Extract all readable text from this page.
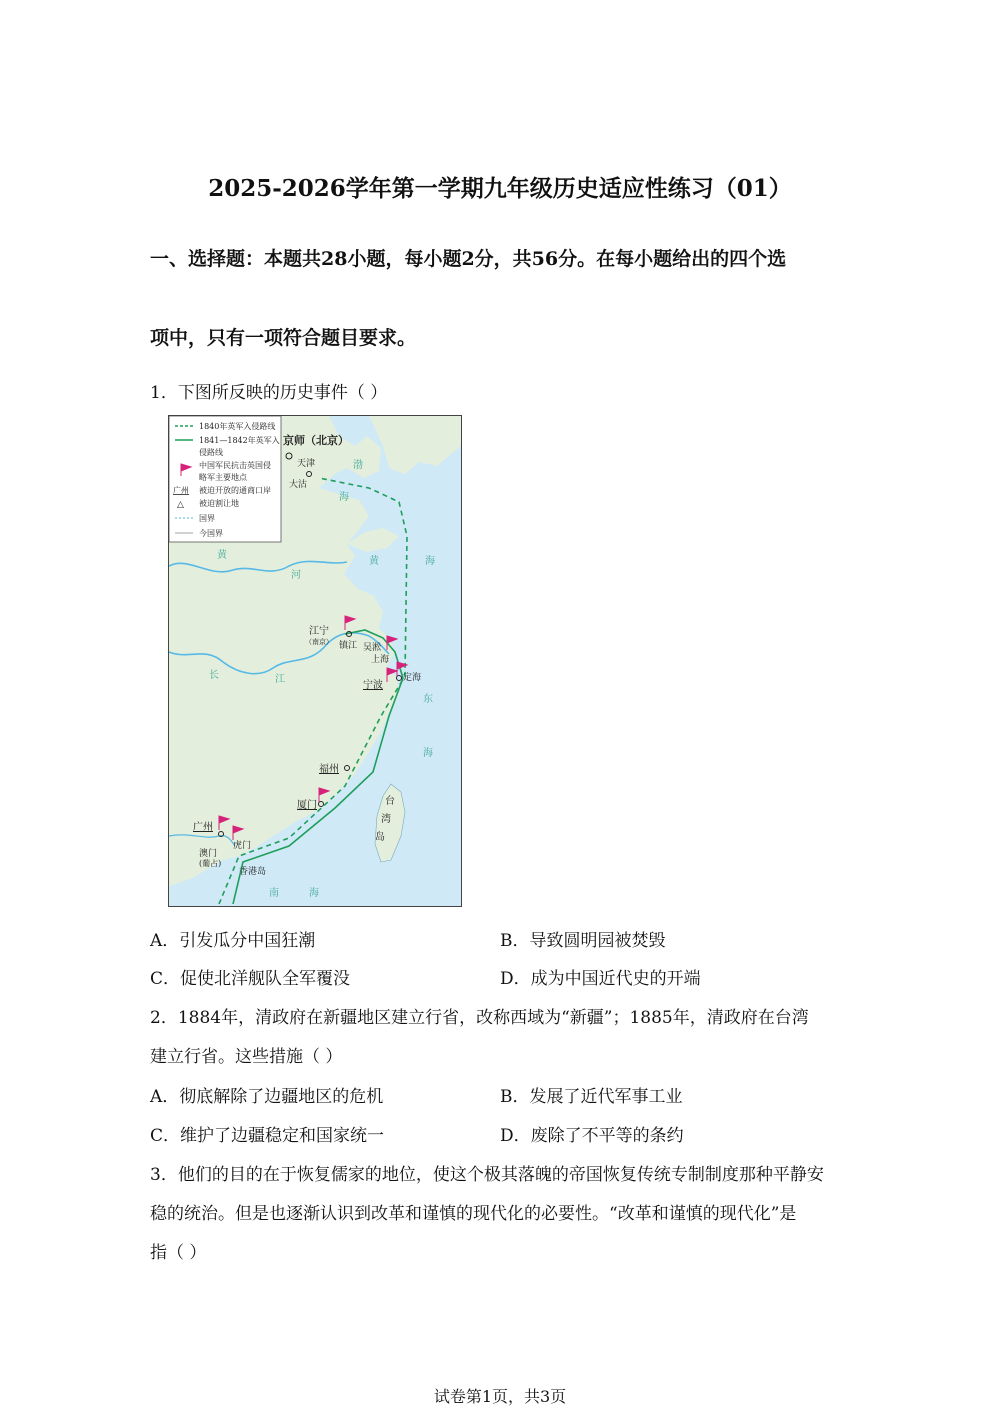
2025-2026学年第一学期九年级历史适应性练习（01）
一、选择题：本题共28小题，每小题2分，共56分。在每小题给出的四个选
项中，只有一项符合题目要求。
1．下图所反映的历史事件（ ）
1840年英军入侵路线
1841—1842年英军入
侵路线
中国军民抗击英国侵
略军主要地点
广州 被迫开放的通商口岸
△ 被迫割让地
国界
今国界
京师（北京）
天津
大沽
渤
海
黄
河
黄	海
江宁
（南京） 镇江 吴淞
上海
宁波
定海
长	江
东
海
福州
厦门	台
湾
岛
广州
虎门
澳门
(葡占)
香港岛
南	海
A．引发瓜分中国狂潮	B．导致圆明园被焚毁
C．促使北洋舰队全军覆没	D．成为中国近代史的开端
2．1884年，清政府在新疆地区建立行省，改称西域为“新疆”；1885年，清政府在台湾
建立行省。这些措施（ ）
A．彻底解除了边疆地区的危机	B．发展了近代军事工业
C．维护了边疆稳定和国家统一	D．废除了不平等的条约
3．他们的目的在于恢复儒家的地位，使这个极其落魄的帝国恢复传统专制制度那种平静安
稳的统治。但是也逐渐认识到改革和谨慎的现代化的必要性。“改革和谨慎的现代化”是
指（ ）
试卷第1页，共3页
